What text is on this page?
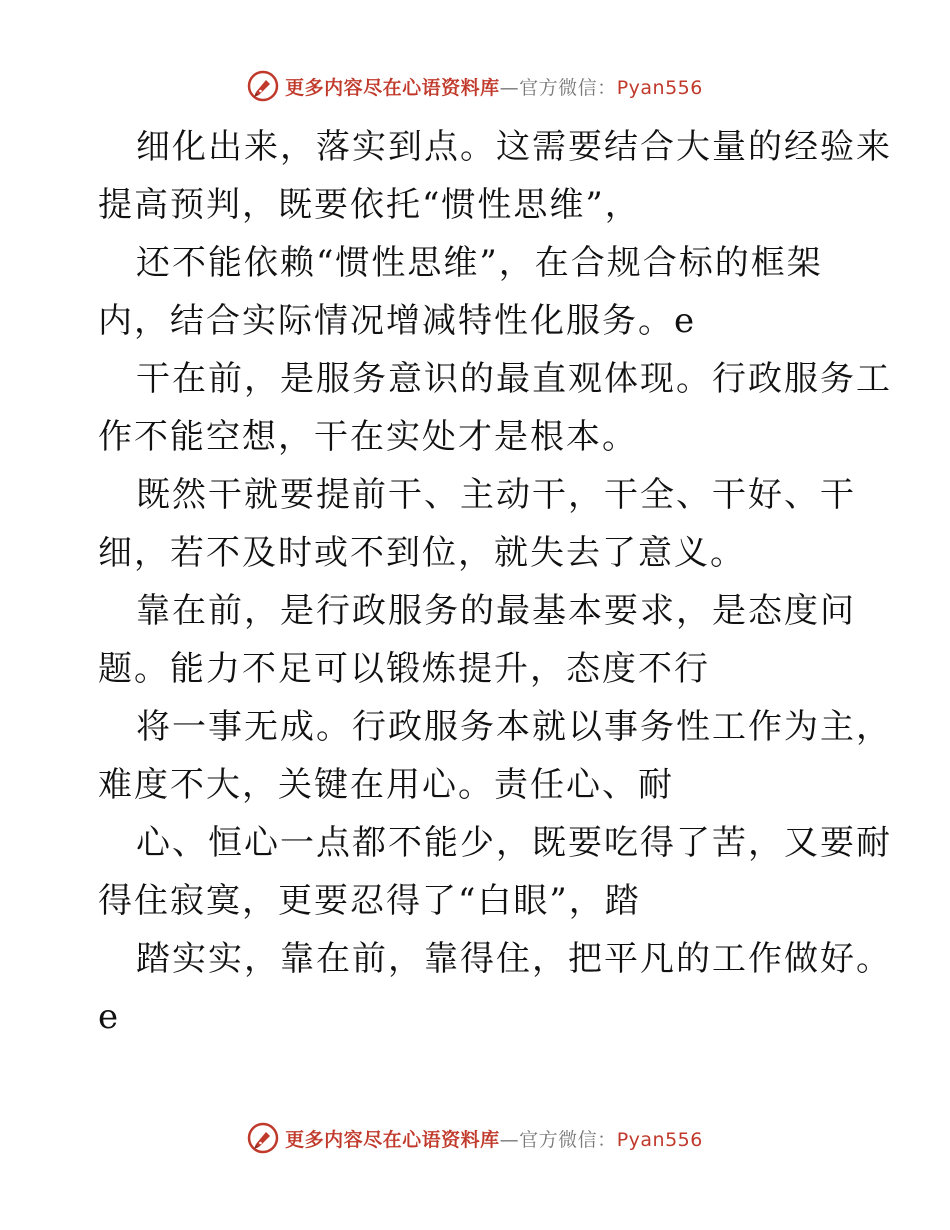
更多内容尽在心语资料库—官方微信：Pyan556
细化出来，落实到点。这需要结合大量的经验来
提高预判，既要依托“惯性思维”，
还不能依赖“惯性思维”，在合规合标的框架
内，结合实际情况增减特性化服务。e
干在前，是服务意识的最直观体现。行政服务工
作不能空想，干在实处才是根本。
既然干就要提前干、主动干，干全、干好、干
细，若不及时或不到位，就失去了意义。
靠在前，是行政服务的最基本要求，是态度问
题。能力不足可以锻炼提升，态度不行
将一事无成。行政服务本就以事务性工作为主，
难度不大，关键在用心。责任心、耐
心、恒心一点都不能少，既要吃得了苦，又要耐
得住寂寞，更要忍得了“白眼”，踏
踏实实，靠在前，靠得住，把平凡的工作做好。
e
更多内容尽在心语资料库—官方微信：Pyan556
